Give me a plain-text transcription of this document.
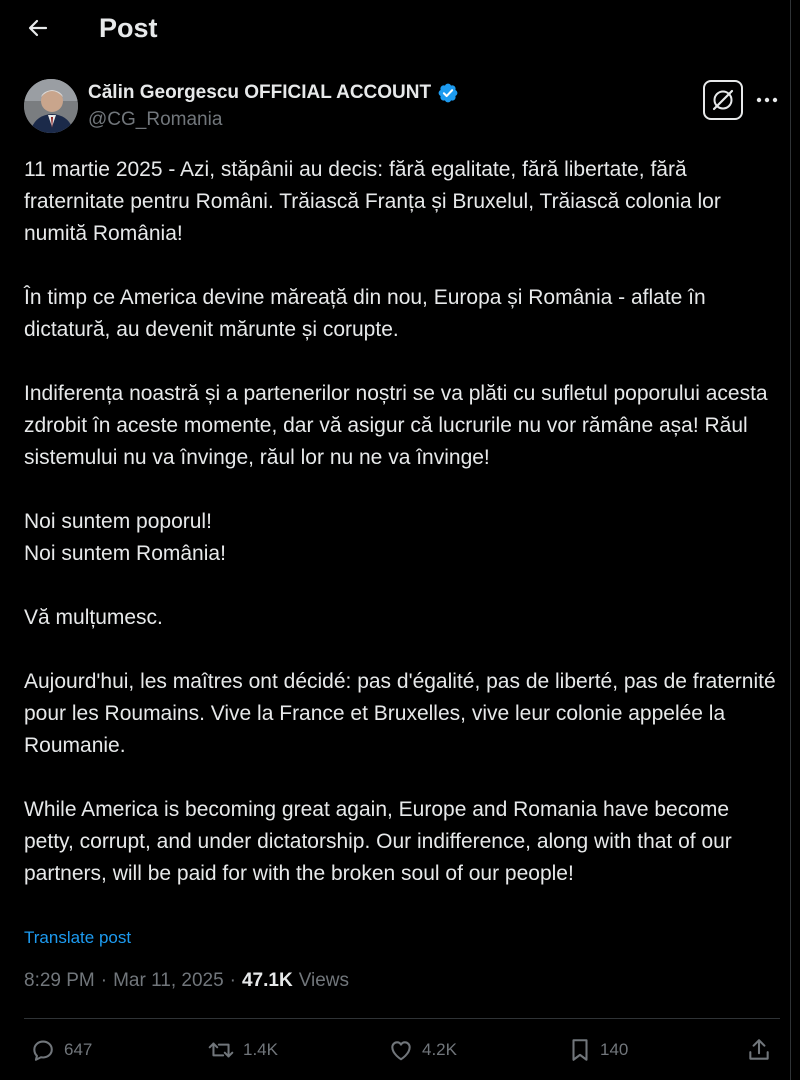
Post
Călin Georgescu OFFICIAL ACCOUNT
@CG_Romania

11 martie 2025 - Azi, stăpânii au decis: fără egalitate, fără libertate, fără fraternitate pentru Români. Trăiască Franța și Bruxelul, Trăiască colonia lor numită România!

În timp ce America devine măreață din nou, Europa și România - aflate în dictatură, au devenit mărunte și corupte.

Indiferența noastră și a partenerilor noștri se va plăti cu sufletul poporului acesta zdrobit în aceste momente, dar vă asigur că lucrurile nu vor rămâne așa! Răul sistemului nu va învinge, răul lor nu ne va învinge!

Noi suntem poporul!
Noi suntem România!

Vă mulțumesc.

Aujourd'hui, les maîtres ont décidé: pas d'égalité, pas de liberté, pas de fraternité pour les Roumains. Vive la France et Bruxelles, vive leur colonie appelée la Roumanie.

While America is becoming great again, Europe and Romania have become petty, corrupt, and under dictatorship. Our indifference, along with that of our partners, will be paid for with the broken soul of our people!

Translate post
8:29 PM · Mar 11, 2025 · 47.1K Views
647	1.4K	4.2K	140
